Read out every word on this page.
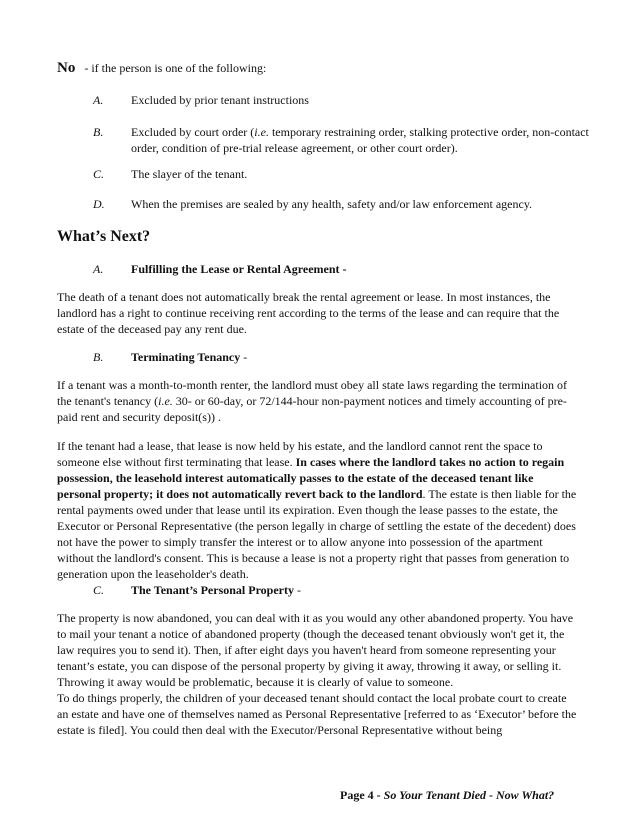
No - if the person is one of the following:
A. Excluded by prior tenant instructions
B. Excluded by court order (i.e. temporary restraining order, stalking protective order, non-contact order, condition of pre-trial release agreement, or other court order).
C. The slayer of the tenant.
D. When the premises are sealed by any health, safety and/or law enforcement agency.
What’s Next?
A. Fulfilling the Lease or Rental Agreement -

The death of a tenant does not automatically break the rental agreement or lease. In most instances, the landlord has a right to continue receiving rent according to the terms of the lease and can require that the estate of the deceased pay any rent due.

B. Terminating Tenancy -

If a tenant was a month-to-month renter, the landlord must obey all state laws regarding the termination of the tenant's tenancy (i.e. 30- or 60-day, or 72/144-hour non-payment notices and timely accounting of pre-paid rent and security deposit(s)) .

If the tenant had a lease, that lease is now held by his estate, and the landlord cannot rent the space to someone else without first terminating that lease. In cases where the landlord takes no action to regain possession, the leasehold interest automatically passes to the estate of the deceased tenant like personal property; it does not automatically revert back to the landlord. The estate is then liable for the rental payments owed under that lease until its expiration. Even though the lease passes to the estate, the Executor or Personal Representative (the person legally in charge of settling the estate of the decedent) does not have the power to simply transfer the interest or to allow anyone into possession of the apartment without the landlord's consent. This is because a lease is not a property right that passes from generation to generation upon the leaseholder's death.

C. The Tenant’s Personal Property -

The property is now abandoned, you can deal with it as you would any other abandoned property. You have to mail your tenant a notice of abandoned property (though the deceased tenant obviously won't get it, the law requires you to send it). Then, if after eight days you haven't heard from someone representing your tenant’s estate, you can dispose of the personal property by giving it away, throwing it away, or selling it. Throwing it away would be problematic, because it is clearly of value to someone.

To do things properly, the children of your deceased tenant should contact the local probate court to create an estate and have one of themselves named as Personal Representative [referred to as ‘Executor’ before the estate is filed]. You could then deal with the Executor/Personal Representative without being

Page 4 - So Your Tenant Died - Now What?
